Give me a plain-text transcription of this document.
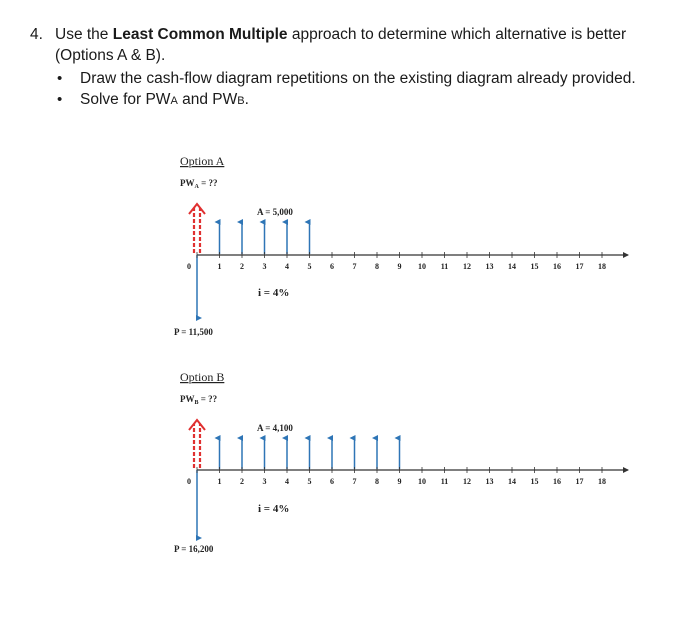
4. Use the Least Common Multiple approach to determine which alternative is better (Options A & B).
• Draw the cash-flow diagram repetitions on the existing diagram already provided.
• Solve for PWA and PWB.
Option A
$PW_A$ = ??
A = 5,000
i = 4%
P = 11,500
0	1 2 3 4 5 6 7 8 9 10 11 12 13 14 15 16 17 18
Option B
$PW_B$ = ??
A = 4,100
i = 4%
P = 16,200
0	1 2 3 4 5 6 7 8 9 10 11 12 13 14 15 16 17 18
